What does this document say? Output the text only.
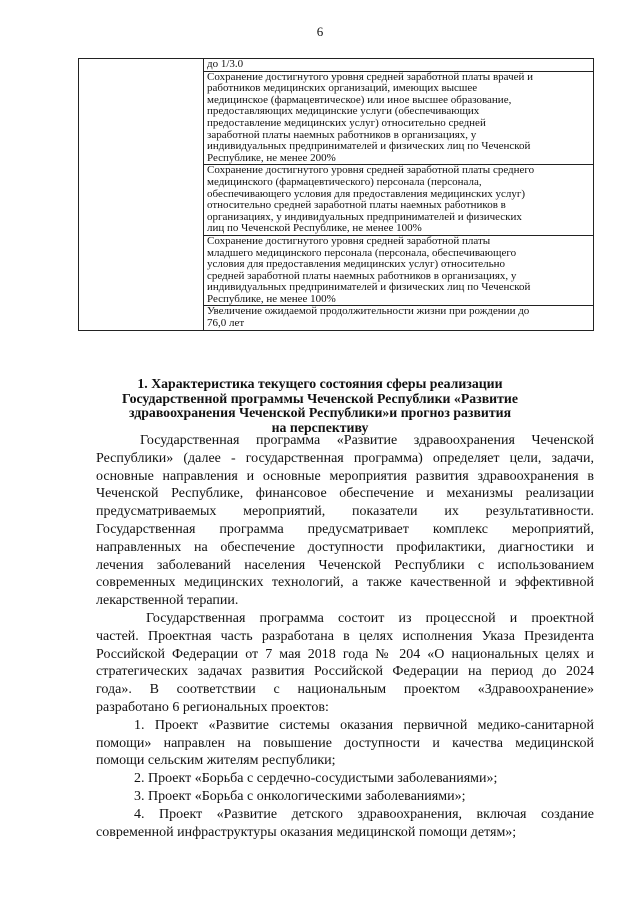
6

до 1/3.0

Сохранение достигнутого уровня средней заработной платы врачей и
работников медицинских организаций, имеющих высшее
медицинское (фармацевтическое) или иное высшее образование,
предоставляющих медицинские услуги (обеспечивающих
предоставление медицинских услуг) относительно средней
заработной платы наемных работников в организациях, у
индивидуальных предпринимателей и физических лиц по Чеченской
Республике, не менее 200%

Сохранение достигнутого уровня средней заработной платы среднего
медицинского (фармацевтического) персонала (персонала,
обеспечивающего условия для предоставления медицинских услуг)
относительно средней заработной платы наемных работников в
организациях, у индивидуальных предпринимателей и физических
лиц по Чеченской Республике, не менее 100%

Сохранение достигнутого уровня средней заработной платы
младшего медицинского персонала (персонала, обеспечивающего
условия для предоставления медицинских услуг) относительно
средней заработной платы наемных работников в организациях, у
индивидуальных предпринимателей и физических лиц по Чеченской
Республике, не менее 100%

Увеличение ожидаемой продолжительности жизни при рождении до
76,0 лет
1. Характеристика текущего состояния сферы реализации
Государственной программы Чеченской Республики «Развитие
здравоохранения Чеченской Республики»и прогноз развития
на перспективу
Государственная программа «Развитие здравоохранения Чеченской
Республики» (далее - государственная программа) определяет цели, задачи,
основные направления и основные мероприятия развития здравоохранения в
Чеченской Республике, финансовое обеспечение и механизмы реализации
предусматриваемых мероприятий, показатели их результативности.
Государственная программа предусматривает комплекс мероприятий,
направленных на обеспечение доступности профилактики, диагностики и
лечения заболеваний населения Чеченской Республики с использованием
современных медицинских технологий, а также качественной и эффективной
лекарственной терапии.
Государственная программа состоит из процессной и проектной
частей. Проектная часть разработана в целях исполнения Указа Президента
Российской Федерации от 7 мая 2018 года № 204 «О национальных целях и
стратегических задачах развития Российской Федерации на период до 2024
года». В соответствии с национальным проектом «Здравоохранение»
разработано 6 региональных проектов:
1. Проект «Развитие системы оказания первичной медико-санитарной
помощи» направлен на повышение доступности и качества медицинской
помощи сельским жителям республики;
2. Проект «Борьба с сердечно-сосудистыми заболеваниями»;
3. Проект «Борьба с онкологическими заболеваниями»;
4. Проект «Развитие детского здравоохранения, включая создание
современной инфраструктуры оказания медицинской помощи детям»;
